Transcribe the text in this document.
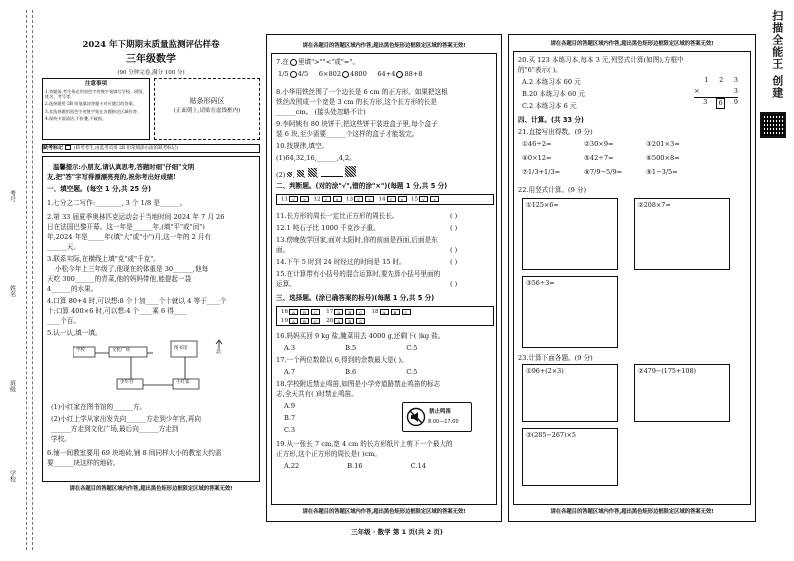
考号
姓名
班级
学校
2024 年下期期末质量监测评估样卷
三年级数学
(90 分钟完卷,满分 100 分)
注意事项
1.答题前,考生务必用黑色字迹签字笔填写学校、班级、姓名、考号等,
2.选择题用 2B 铅笔填涂答题卡对应题目的答案,
3.非选择题用黑色字迹签字笔在各题指定区域作答,
4.保持卡面清洁,不折叠,不破损。
贴条形码区
(正面朝上,请贴在虚线框内)
缺考标记 (缺考考生,由监考员用 2B 铅笔填涂右面的缺考标记)
温馨提示:小朋友,请认真思考,答题时细"仔细"文明
友,把"答"字写得漂漂亮亮的,祝你考出好成绩!
一、填空题。(每空 1 分,共 25 分)
1.七分之二写作:________, 3 个 1/8 是______。
2.第 33 届夏季奥林匹克运动会于当地时间 2024 年 7 月 26
日在法国巴黎开幕。这一年是______年,(填"平"或"闰")
年,2024 年是_____年(填"大"或"小")月,这一年的 2 月有
______天。
3.联系实际,在横线上填"克"或"千克"。
小松今年上三年级了,他现在的体重是 30______,他每
天吃 300______的青菜,他的妈妈带他,能提起一袋
4______的水果。
4.口算 80+4 时,可以想:8 个十加____个十就以 4 等于____个
十;口算 400×6 时,可以想:4 个____乘 6 得____
____个百。
5.认一认,填一填。
北
学校	文化广场	图书馆
少年宫	小红家
(1)小红家在图书馆的______方。
(2)小红上学从家出发先向______方走到少年宫,再向
______方走到文化广场,最后向______方走到
学校。
6.铺一间教室要用 69 块地砖,铺 8 间同样大小的教室大约需
要______块这样的地砖。
请在各题目的答题区域内作答,超出黑色矩形边框限定区域的答案无效!
请在各题目的答题区域内作答,超出黑色矩形边框限定区域的答案无效!
7.在 里填">""<"或"="。
1/5 4/5 6×802 4800 64+4 88+8
8.小华用铁丝围了一个边长是 6 cm 的正方形。如果把这根
铁丝改围成一个宽是 3 cm 的长方形,这个长方形的长是
______cm。 (接头处忽略不计)
9.李阿姨有 80 块饼干,把这些饼干装进盒子里,每个盒子
装 6 块,至少需要______个这样的盒子才能装完。
10.找规律,填空。
(1)64,32,16,______,4,2。
(2) , , ,
二、判断题。(对的涂"√",错的涂"×")(每题 1 分,共 5 分)
11 √ × 12 √ × 13 √ × 14 √ × 15 √ ×
11.长方形的周长一定比正方形的周长长。	( )
12.1 吨石子比 1000 千克沙子重。	( )
13.傍晚放学回家,面对太阳时,你的前面是西面,后面是东
面。	( )
14.下午 5 时到 24 时经过的时间是 15 时。	( )
15.在计算带有小括号的混合运算时,要先算小括号里面的
运算。	( )
三、选择题。(涂已确答案的标号)(每题 1 分,共 5 分)
16 A B C 17 A B C 18 A B C
19 A B C 20 A B C
16.妈妈买回 9 kg 盐,腌菜用去 4000 g,还剩下( )kg 盐。
A.3	B.5	C.5
17.一个两位数除以 6,得到的余数最大是( )。
A.7	B.6	C.5
18.学校附近禁止鸣笛,如图是小学旁道路禁止鸣笛的标志
志,全天共有( )时禁止鸣笛。
A.9
B.7
C.3
禁止鸣笛
8:00—17:00
19.从一张长 7 cm,宽 4 cm 的长方形纸片上剪下一个最大的
正方形,这个正方形的周长是( )cm。
A.22	B.16	C.14
请在各题目的答题区域内作答,超出黑色矩形边框限定区域的答案无效!
请在各题目的答题区域内作答,超出黑色矩形边框限定区域的答案无效!
20.买 123 本练习本,每本 3 元,列竖式计算(如图),方框中
的"6"表示( )。
A.2 本练习本 60 元
B.20 本练习本 60 元
C.2 本练习本 6 元
1 2 3
×	3
3	6	9
四、计算。(共 33 分)
21.直接写出得数。(9 分)
①46÷2=	②30×9=	③201×3=
④0×12=	⑤42÷7=	⑥500×8=
⑦1/3+1/3=	⑧7/9−5/9=	⑨1−3/5=
22.用竖式计算。(9 分)
①125×6=	②208×7=
③56÷3=
23.计算下面各题。(9 分)
①96+(2×3)	②479−(175+108)
③(285−267)×5
请在各题目的答题区域内作答,超出黑色矩形边框限定区域的答案无效!
扫描全能王 创建
三年级 · 数学 第 1 页(共 2 页)
